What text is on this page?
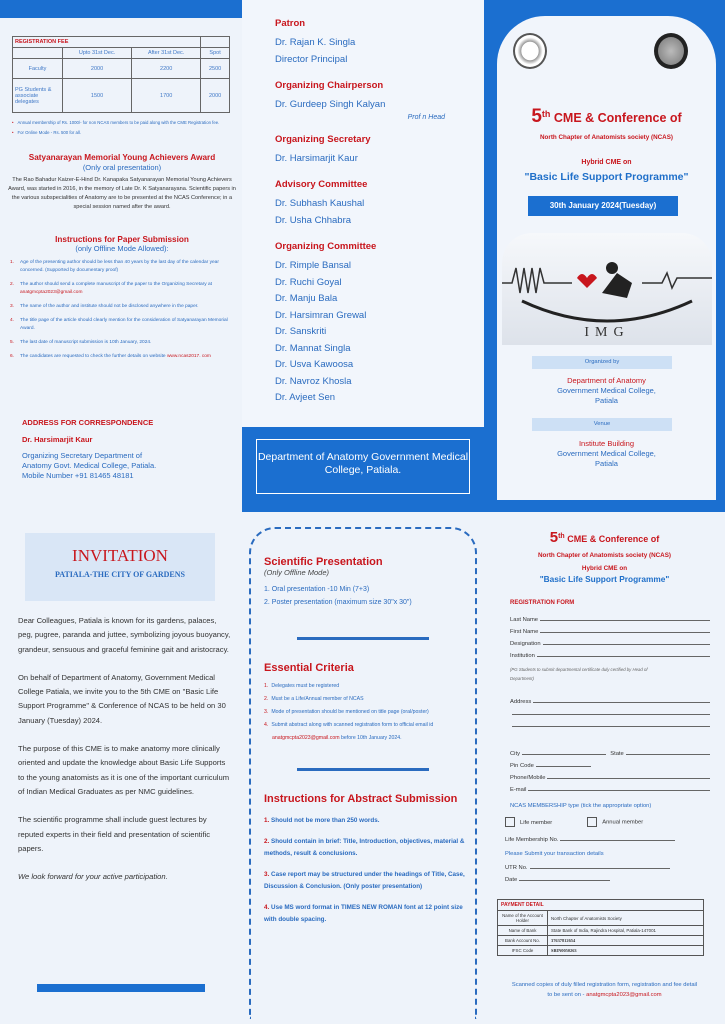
REGISTRATION FEE			
	Upto 31st Dec.	After 31st Dec.	Spot
Faculty	2000	2200	2500
PG Students & associate delegates	1500	1700	2000
• Annual membership of Rs. 1000/- for non NCAS members to be paid along with the CME Registration fee.
• For Online Mode - Rs. 500 for all.
Satyanarayan Memorial Young Achievers Award
(Only oral presentation)

The Rao Bahadur Kaizer-E-Hind Dr. Kanapaka Satyanarayan Memorial Young Achievers Award, was started in 2016, in the memory of Late Dr. K Satyanarayana. Scientific papers in the various subspecialities of Anatomy are to be presented at the NCAS Conference; in a special session named after the award.

Instructions for Paper Submission
(only Offline Mode Allowed):
1. Age of the presenting author should be less than 40 years by the last day of the calendar year concerned. (Supported by documentary proof)
2. The author should send a complete manuscript of the paper to the Organizing Secretary at anatgmcpta2023@gmail.com
3. The name of the author and institute should not be disclosed anywhere in the paper.
4. The title page of the article should clearly mention for the consideration of Satyanarayan Memorial Award.
5. The last date of manuscript submission is 10th January, 2024.
6. The candidates are requested to check the further details on website www.ncas2017. com
ADDRESS FOR CORRESPONDENCE
Dr. Harsimarjit Kaur

Organizing Secretary Department of

Anatomy Govt. Medical College, Patiala.

Mobile Number +91 81465 48181

Patron

Dr. Rajan K. Singla

Director Principal

Organizing Chairperson

Dr. Gurdeep Singh Kalyan

Prof n Head
Organizing Secretary

Dr. Harsimarjit Kaur

Advisory Committee

Dr. Subhash Kaushal

Dr. Usha Chhabra

Organizing Committee

Dr. Rimple Bansal

Dr. Ruchi Goyal

Dr. Manju Bala

Dr. Harsimran Grewal

Dr. Sanskriti

Dr. Mannat Singla

Dr. Usva Kawoosa

Dr. Navroz Khosla

Dr. Avjeet Sen

Department of Anatomy Government Medical College, Patiala.
5th CME & Conference of
North Chapter of Anatomists society (NCAS)
Hybrid CME on
"Basic Life Support Programme"
30th January 2024(Tuesday)
IMG
Organized by
Department of Anatomy
Government Medical College,
Patiala
Venue
Institute Building
Government Medical College,
Patiala
INVITATION
PATIALA-THE CITY OF GARDENS

Dear Colleagues, Patiala is known for its gardens, palaces, peg, pugree, paranda and juttee, symbolizing joyous buoyancy, grandeur, sensuous and graceful feminine gait and aristocracy.

On behalf of Department of Anatomy, Government Medical College Patiala, we invite you to the 5th CME on "Basic Life Support Programme" & Conference of NCAS to be held on 30 January (Tuesday) 2024.

The purpose of this CME is to make anatomy more clinically oriented and update the knowledge about Basic Life Supports to the young anatomists as it is one of the important curriculum of Indian Medical Graduates as per NMC guidelines.

The scientific programme shall include guest lectures by reputed experts in their field and presentation of scientific papers.

We look forward for your active participation.
Scientific Presentation
(Only Offline Mode)
1. Oral presentation -10 Min (7+3)
2. Poster presentation (maximum size 30"x 30")
Essential Criteria
1. Delegates must be registered
2. Must be a Life/Annual member of NCAS
3. Mode of presentation should be mentioned on title page (oral/poster)
4. Submit abstract along with scanned registration form to official email id
anatgmcpta2023@gmail.com before 10th January 2024.
Instructions for Abstract Submission
1. Should not be more than 250 words.
2. Should contain in brief: Title, Introduction, objectives, material & methods, result & conclusions.
3. Case report may be structured under the headings of Title, Case, Discussion & Conclusion. (Only poster presentation)
4. Use MS word format in TIMES NEW ROMAN font at 12 point size with double spacing.
5th CME & Conference of
North Chapter of Anatomists society (NCAS)
Hybrid CME on
"Basic Life Support Programme"
REGISTRATION FORM
Last Name
First Name
Designation
Institution
(PG Students to submit departmental certificate duly certified by Head of Department)
Address
City	State
Pin Code
Phone/Mobile
E-mail
NCAS MEMBERSHIP type (tick the appropriate option)
Life member	Annual member
Life Membership No.
Please Submit your transaction details
UTR No.
Date
PAYMENT DETAIL	
Name of the Account Holder	North Chapter of Anatomists Society
Name of Bank	State Bank of India, Rajindra Hospital, Patiala-147001
Bank Account No.	37637812654
IFSC Code	SBIN0050263
Scanned copies of duly filled registration form, registration and fee detail to be sent on - anatgmcpta2023@gmail.com
